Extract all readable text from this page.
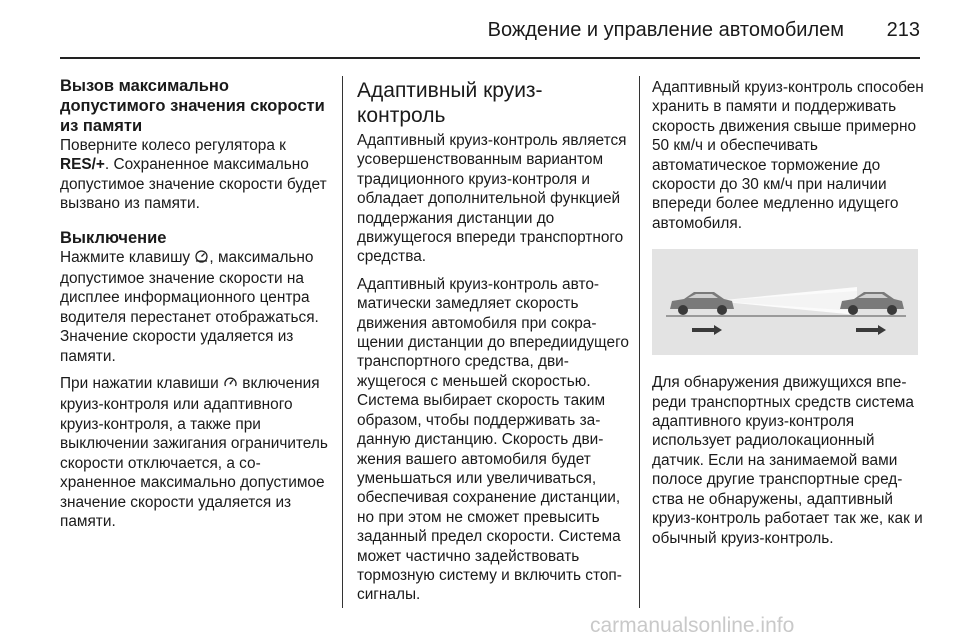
Вождение и управление автомобилем 213
Вызов максимально допустимого значения скорости из памяти

Поверните колесо регулятора к RES/+. Сохраненное максимально допустимое значение скорости будет вызвано из памяти.

Выключение

Нажмите клавишу , максимально допустимое значение скорости на дисплее информационного центра водителя перестанет отображаться. Значение скорости удаляется из памяти.

При нажатии клавиши  включения круиз-контроля или адаптивного круиз-контроля, а также при выключении зажигания ограничитель скорости отключается, а сохраненное максимально допустимое значение скорости удаляется из памяти.

Адаптивный круиз-контроль

Адаптивный круиз-контроль является усовершенствованным вариантом традиционного круиз-контроля и обладает дополнительной функцией поддержания дистанции до движущегося впереди транспортного средства.

Адаптивный круиз-контроль автоматически замедляет скорость движения автомобиля при сокращении дистанции до впередиидущего транспортного средства, движущегося с меньшей скоростью. Система выбирает скорость таким образом, чтобы поддерживать заданную дистанцию. Скорость движения вашего автомобиля будет уменьшаться или увеличиваться, обеспечивая сохранение дистанции, но при этом не сможет превысить заданный предел скорости. Система может частично задействовать тормозную систему и включить стоп-сигналы.

Адаптивный круиз-контроль способен хранить в памяти и поддерживать скорость движения свыше примерно 50 км/ч и обеспечивать автоматическое торможение до скорости до 30 км/ч при наличии впереди более медленно идущего автомобиля.

Для обнаружения движущихся впереди транспортных средств система адаптивного круиз-контроля использует радиолокационный датчик. Если на занимаемой вами полосе другие транспортные средства не обнаружены, адаптивный круиз-контроль работает так же, как и обычный круиз-контроль.

carmanualsonline.info
